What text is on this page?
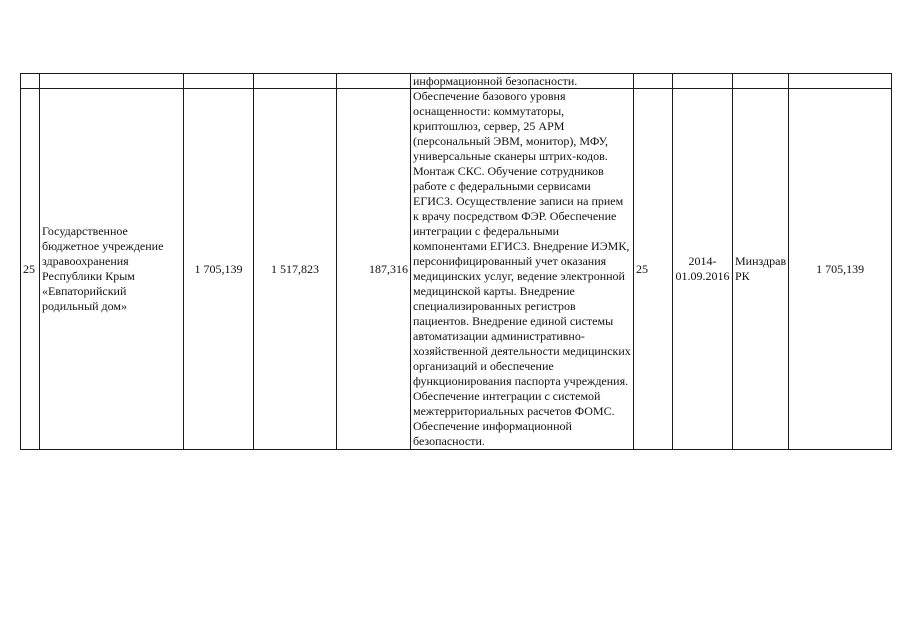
					информационной безопасности.				
25	Государственное бюджетное учреждение здравоохранения Республики Крым «Евпаторийский родильный дом»	1 705,139	1 517,823	187,316	Обеспечение базового уровня оснащенности: коммутаторы, криптошлюз, сервер, 25 АРМ (персональный ЭВМ, монитор), МФУ, универсальные сканеры штрих-кодов. Монтаж СКС. Обучение сотрудников работе с федеральными сервисами ЕГИСЗ. Осуществление записи на прием к врачу посредством ФЭР. Обеспечение интеграции с федеральными компонентами ЕГИСЗ. Внедрение ИЭМК, персонифицированный учет оказания медицинских услуг, ведение электронной медицинской карты. Внедрение специализированных регистров пациентов. Внедрение единой системы автоматизации административно-хозяйственной деятельности медицинских организаций и обеспечение функционирования паспорта учреждения. Обеспечение интеграции с системой межтерриториальных расчетов ФОМС. Обеспечение информационной безопасности.	25	2014-01.09.2016	Минздрав РК	1 705,139
